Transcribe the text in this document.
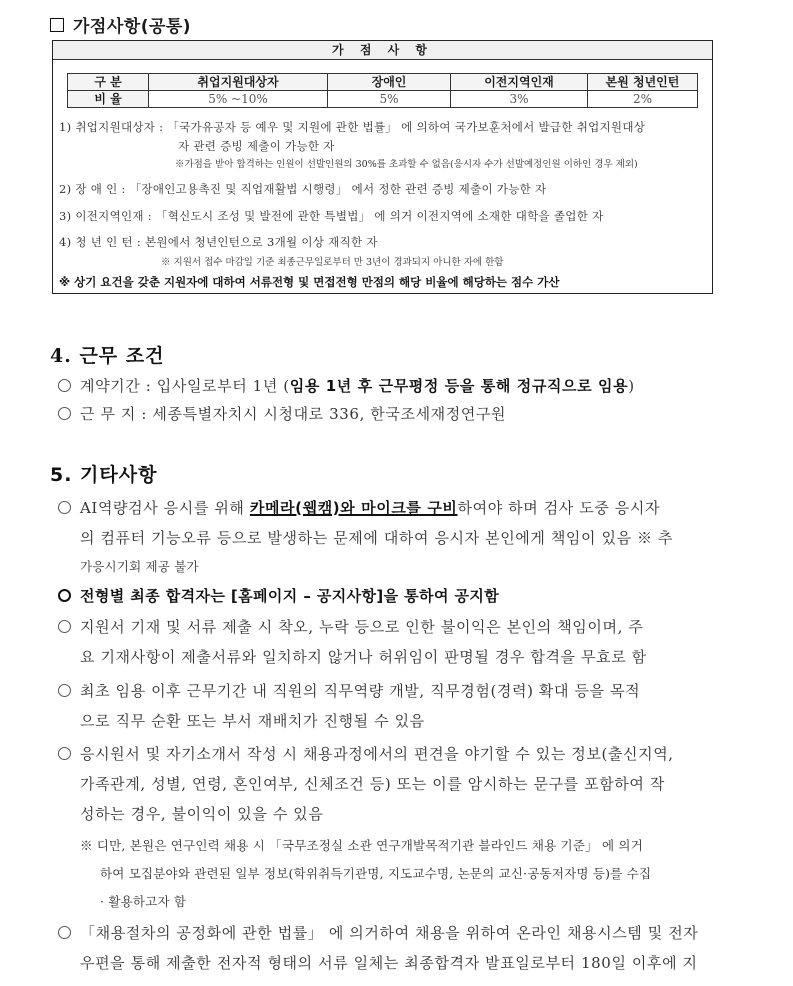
가점사항(공통)
가 점 사 항
구 분	취업지원대상자	장애인	이전지역인재	본원 청년인턴
비 율	5% ~10%	5%	3%	2%
1) 취업지원대상자 : 「국가유공자 등 예우 및 지원에 관한 법률」 에 의하여 국가보훈처에서 발급한 취업지원대상
자 관련 증빙 제출이 가능한 자
※가점을 받아 합격하는 인원이 선발인원의 30%를 초과할 수 없음(응시자 수가 선발예정인원 이하인 경우 제외)
2) 장 애 인 : 「장애인고용촉진 및 직업재활법 시행령」 에서 정한 관련 증빙 제출이 가능한 자
3) 이전지역인재 : 「혁신도시 조성 및 발전에 관한 특별법」 에 의거 이전지역에 소재한 대학을 졸업한 자
4) 청 년 인 턴 : 본원에서 청년인턴으로 3개월 이상 재직한 자
※ 지원서 접수 마감일 기준 최종근무일로부터 만 3년이 경과되지 아니한 자에 한함
※ 상기 요건을 갖춘 지원자에 대하여 서류전형 및 면접전형 만점의 해당 비율에 해당하는 점수 가산
4. 근무 조건
계약기간 : 입사일로부터 1년 (임용 1년 후 근무평정 등을 통해 정규직으로 임용)
근 무 지 : 세종특별자치시 시청대로 336, 한국조세재정연구원
5. 기타사항
AI역량검사 응시를 위해 카메라(웹캠)와 마이크를 구비하여야 하며 검사 도중 응시자
의 컴퓨터 기능오류 등으로 발생하는 문제에 대하여 응시자 본인에게 책임이 있음 ※ 추
가응시기회 제공 불가
전형별 최종 합격자는 [홈페이지 – 공지사항]을 통하여 공지함
지원서 기재 및 서류 제출 시 착오, 누락 등으로 인한 불이익은 본인의 책임이며, 주
요 기재사항이 제출서류와 일치하지 않거나 허위임이 판명될 경우 합격을 무효로 함
최초 임용 이후 근무기간 내 직원의 직무역량 개발, 직무경험(경력) 확대 등을 목적
으로 직무 순환 또는 부서 재배치가 진행될 수 있음
응시원서 및 자기소개서 작성 시 채용과정에서의 편견을 야기할 수 있는 정보(출신지역,
가족관계, 성별, 연령, 혼인여부, 신체조건 등) 또는 이를 암시하는 문구를 포함하여 작
성하는 경우, 불이익이 있을 수 있음
※ 디만, 본원은 연구인력 채용 시 「국무조정실 소관 연구개발목적기관 블라인드 채용 기준」 에 의거
하여 모집분야와 관련된 일부 정보(학위취득기관명, 지도교수명, 논문의 교신·공동저자명 등)를 수집
· 활용하고자 함
「채용절차의 공정화에 관한 법률」 에 의거하여 채용을 위하여 온라인 채용시스템 및 전자
우편을 통해 제출한 전자적 형태의 서류 일체는 최종합격자 발표일로부터 180일 이후에 지
